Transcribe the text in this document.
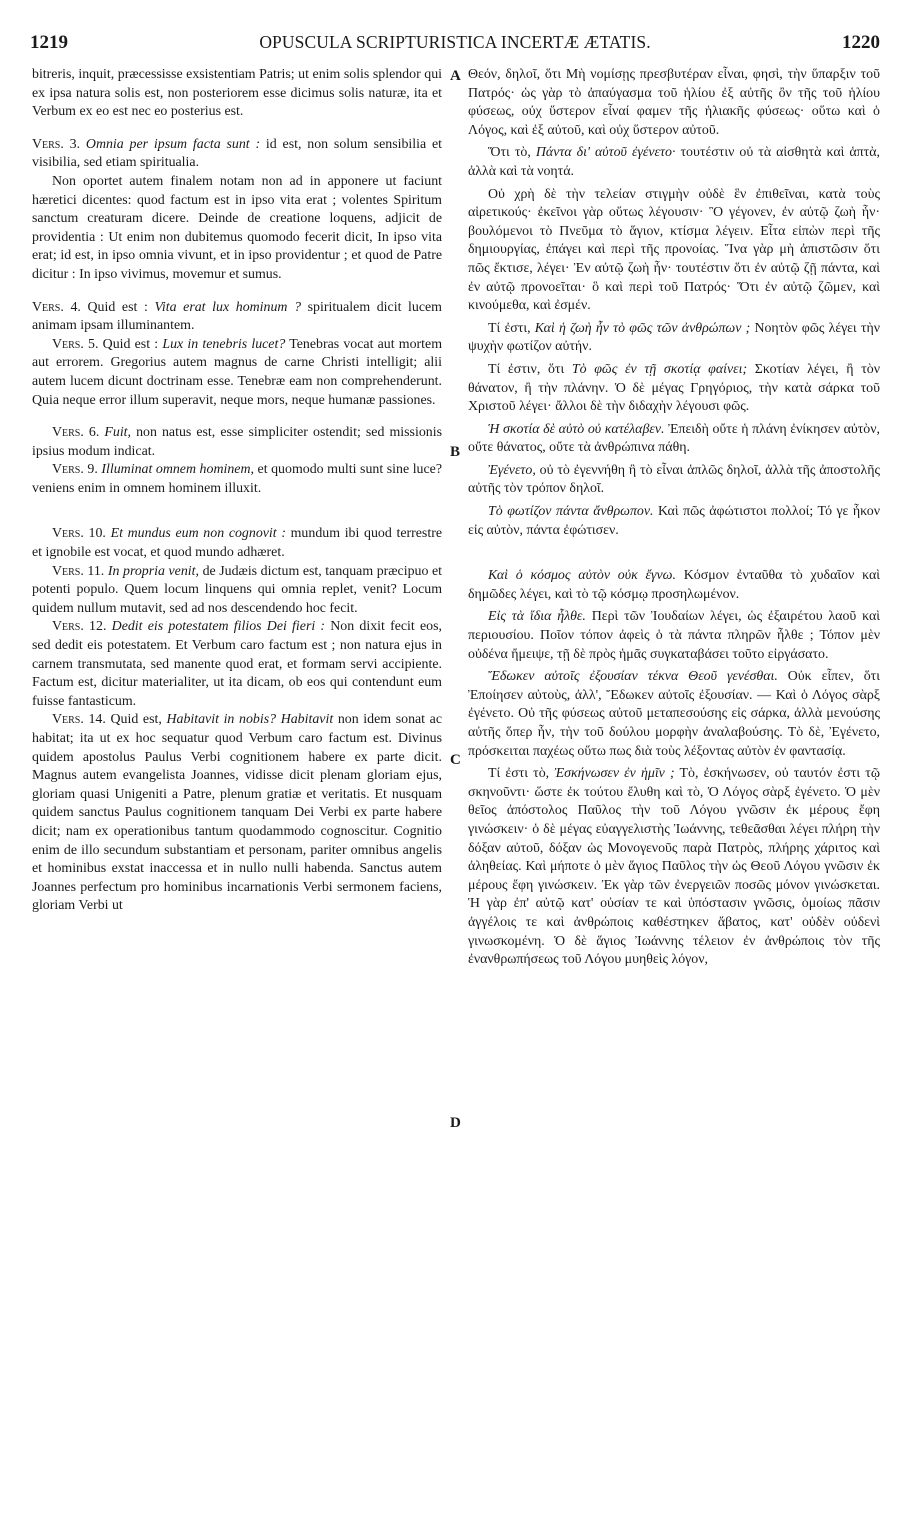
1219	OPUSCULA SCRIPTURISTICA INCERTÆ ÆTATIS.	1220
A
B
C
D

bitreris, inquit, præcessisse exsistentiam Patris; ut enim solis splendor qui ex ipsa natura solis est, non posteriorem esse dicimus solis naturæ, ita et Verbum ex eo est nec eo posterius est.

Vers. 3. Omnia per ipsum facta sunt : id est, non solum sensibilia et visibilia, sed etiam spiritualia.

Non oportet autem finalem notam non ad in apponere ut faciunt hæretici dicentes: quod factum est in ipso vita erat ; volentes Spiritum sanctum creaturam dicere. Deinde de creatione loquens, adjicit de providentia : Ut enim non dubitemus quomodo fecerit dicit, In ipso vita erat; id est, in ipso omnia vivunt, et in ipso providentur ; et quod de Patre dicitur : In ipso vivimus, movemur et sumus.

Vers. 4. Quid est : Vita erat lux hominum ? spiritualem dicit lucem animam ipsam illuminantem.

Vers. 5. Quid est : Lux in tenebris lucet? Tenebras vocat aut mortem aut errorem. Gregorius autem magnus de carne Christi intelligit; alii autem lucem dicunt doctrinam esse. Tenebræ eam non comprehenderunt. Quia neque error illum superavit, neque mors, neque humanæ passiones.

Vers. 6. Fuit, non natus est, esse simpliciter ostendit; sed missionis ipsius modum indicat.

Vers. 9. Illuminat omnem hominem, et quomodo multi sunt sine luce? veniens enim in omnem hominem illuxit.

Vers. 10. Et mundus eum non cognovit : mundum ibi quod terrestre et ignobile est vocat, et quod mundo adhæret.

Vers. 11. In propria venit, de Judæis dictum est, tanquam præcipuo et potenti populo. Quem locum linquens qui omnia replet, venit? Locum quidem nullum mutavit, sed ad nos descendendo hoc fecit.

Vers. 12. Dedit eis potestatem filios Dei fieri : Non dixit fecit eos, sed dedit eis potestatem. Et Verbum caro factum est ; non natura ejus in carnem transmutata, sed manente quod erat, et formam servi accipiente. Factum est, dicitur materialiter, ut ita dicam, ob eos qui contendunt eum fuisse fantasticum.

Vers. 14. Quid est, Habitavit in nobis? Habitavit non idem sonat ac habitat; ita ut ex hoc sequatur quod Verbum caro factum est. Divinus quidem apostolus Paulus Verbi cognitionem habere ex parte dicit. Magnus autem evangelista Joannes, vidisse dicit plenam gloriam ejus, gloriam quasi Unigeniti a Patre, plenum gratiæ et veritatis. Et nusquam quidem sanctus Paulus cognitionem tanquam Dei Verbi ex parte habere dicit; nam ex operationibus tantum quodammodo cognoscitur. Cognitio enim de illo secundum substantiam et personam, pariter omnibus angelis et hominibus exstat inaccessa et in nullo nulli habenda. Sanctus autem Joannes perfectum pro hominibus incarnationis Verbi sermonem faciens, gloriam Verbi ut

Θεόν, δηλοῖ, ὅτι Μὴ νομίσῃς πρεσβυτέραν εἶναι, φησὶ, τὴν ὕπαρξιν τοῦ Πατρός· ὡς γὰρ τὸ ἀπαύγασμα τοῦ ἡλίου ἐξ αὐτῆς ὂν τῆς τοῦ ἡλίου φύσεως, οὐχ ὕστερον εἶναί φαμεν τῆς ἡλιακῆς φύσεως· οὕτω καὶ ὁ Λόγος, καὶ ἐξ αὐτοῦ, καὶ οὐχ ὕστερον αὐτοῦ.

Ὅτι τὸ, Πάντα δι' αὐτοῦ ἐγένετο· τουτέστιν οὐ τὰ αἰσθητὰ καὶ ἁπτὰ, ἀλλὰ καὶ τὰ νοητά.

Οὐ χρὴ δὲ τὴν τελείαν στιγμὴν οὐδὲ ἓν ἐπιθεῖναι, κατὰ τοὺς αἱρετικούς· ἐκεῖνοι γὰρ οὕτως λέγουσιν· Ὃ γέγονεν, ἐν αὐτῷ ζωὴ ἦν· βουλόμενοι τὸ Πνεῦμα τὸ ἅγιον, κτίσμα λέγειν. Εἶτα εἰπὼν περὶ τῆς δημιουργίας, ἐπάγει καὶ περὶ τῆς προνοίας. Ἵνα γὰρ μὴ ἀπιστῶσιν ὅτι πῶς ἔκτισε, λέγει· Ἐν αὐτῷ ζωὴ ἦν· τουτέστιν ὅτι ἐν αὐτῷ ζῇ πάντα, καὶ ἐν αὐτῷ προνοεῖται· ὃ καὶ περὶ τοῦ Πατρός· Ὅτι ἐν αὐτῷ ζῶμεν, καὶ κινούμεθα, καὶ ἐσμέν.

Τί ἐστι, Καὶ ἡ ζωὴ ἦν τὸ φῶς τῶν ἀνθρώπων ; Νοητὸν φῶς λέγει τὴν ψυχὴν φωτίζον αὐτήν.

Τί ἐστιν, ὅτι Τὸ φῶς ἐν τῇ σκοτίᾳ φαίνει; Σκοτίαν λέγει, ἢ τὸν θάνατον, ἢ τὴν πλάνην. Ὁ δὲ μέγας Γρηγόριος, τὴν κατὰ σάρκα τοῦ Χριστοῦ λέγει· ἄλλοι δὲ τὴν διδαχὴν λέγουσι φῶς.

Ἡ σκοτία δὲ αὐτὸ οὐ κατέλαβεν. Ἐπειδὴ οὔτε ἡ πλάνη ἐνίκησεν αὐτὸν, οὔτε θάνατος, οὔτε τὰ ἀνθρώπινα πάθη.

Ἐγένετο, οὐ τὸ ἐγεννήθη ἢ τὸ εἶναι ἁπλῶς δηλοῖ, ἀλλὰ τῆς ἀποστολῆς αὐτῆς τὸν τρόπον δηλοῖ.

Τὸ φωτίζον πάντα ἄνθρωπον. Καὶ πῶς ἀφώτιστοι πολλοί; Τό γε ἧκον εἰς αὐτὸν, πάντα ἐφώτισεν.

Καὶ ὁ κόσμος αὐτὸν οὐκ ἔγνω. Κόσμον ἐνταῦθα τὸ χυδαῖον καὶ δημῶδες λέγει, καὶ τὸ τῷ κόσμῳ προσηλωμένον.

Εἰς τὰ ἴδια ἦλθε. Περὶ τῶν Ἰουδαίων λέγει, ὡς ἐξαιρέτου λαοῦ καὶ περιουσίου. Ποῖον τόπον ἀφεὶς ὁ τὰ πάντα πληρῶν ἦλθε ; Τόπον μὲν οὐδένα ἤμειψε, τῇ δὲ πρὸς ἡμᾶς συγκαταβάσει τοῦτο εἰργάσατο.

Ἔδωκεν αὐτοῖς ἐξουσίαν τέκνα Θεοῦ γενέσθαι. Οὐκ εἶπεν, ὅτι Ἐποίησεν αὐτοὺς, ἀλλ', Ἔδωκεν αὐτοῖς ἐξουσίαν. — Καὶ ὁ Λόγος σὰρξ ἐγένετο. Οὐ τῆς φύσεως αὐτοῦ μεταπεσούσης εἰς σάρκα, ἀλλὰ μενούσης αὐτῆς ὅπερ ἦν, τὴν τοῦ δούλου μορφὴν ἀναλαβούσης. Τὸ δὲ, Ἐγένετο, πρόσκειται παχέως οὕτω πως διὰ τοὺς λέξοντας αὐτὸν ἐν φαντασίᾳ.

Τί ἐστι τὸ, Ἐσκήνωσεν ἐν ἡμῖν ; Τὸ, ἐσκήνωσεν, οὐ ταυτόν ἐστι τῷ σκηνοῦντι· ὥστε ἐκ τούτου ἔλυθη καὶ τὸ, Ὁ Λόγος σὰρξ ἐγένετο. Ὁ μὲν θεῖος ἀπόστολος Παῦλος τὴν τοῦ Λόγου γνῶσιν ἐκ μέρους ἔφη γινώσκειν· ὁ δὲ μέγας εὐαγγελιστὴς Ἰωάννης, τεθεᾶσθαι λέγει πλήρη τὴν δόξαν αὐτοῦ, δόξαν ὡς Μονογενοῦς παρὰ Πατρὸς, πλήρης χάριτος καὶ ἀληθείας. Καὶ μήποτε ὁ μὲν ἅγιος Παῦλος τὴν ὡς Θεοῦ Λόγου γνῶσιν ἐκ μέρους ἔφη γινώσκειν. Ἐκ γὰρ τῶν ἐνεργειῶν ποσῶς μόνον γινώσκεται. Ἡ γὰρ ἐπ' αὐτῷ κατ' οὐσίαν τε καὶ ὑπόστασιν γνῶσις, ὁμοίως πᾶσιν ἀγγέλοις τε καὶ ἀνθρώποις καθέστηκεν ἄβατος, κατ' οὐδὲν οὐδενὶ γινωσκομένη. Ὁ δὲ ἅγιος Ἰωάννης τέλειον ἐν ἀνθρώποις τὸν τῆς ἐνανθρωπήσεως τοῦ Λόγου μυηθεὶς λόγον,
